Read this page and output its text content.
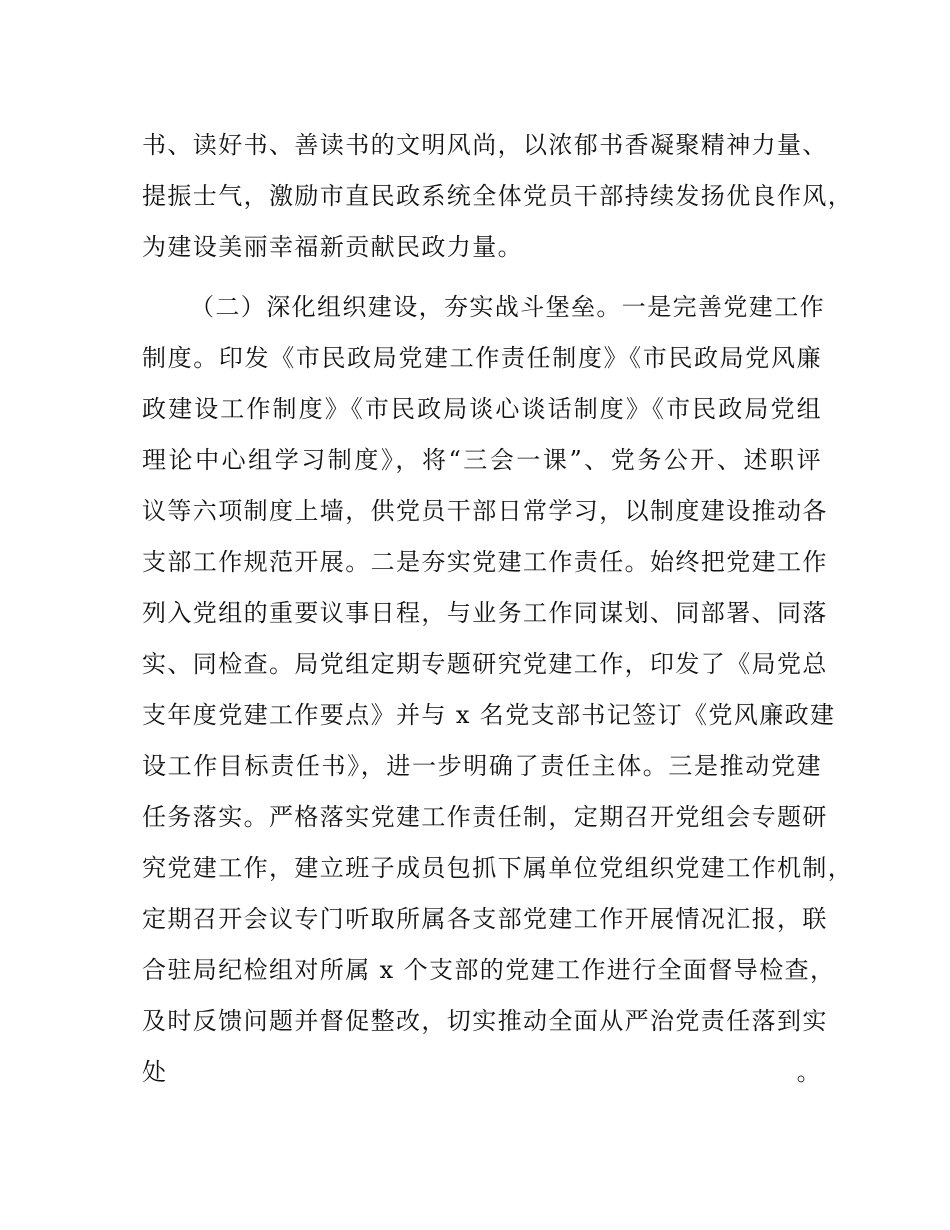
书、读好书、善读书的文明风尚，以浓郁书香凝聚精神力量、
提振士气，激励市直民政系统全体党员干部持续发扬优良作风，
为建设美丽幸福新贡献民政力量。
（二）深化组织建设，夯实战斗堡垒。一是完善党建工作
制度。印发《市民政局党建工作责任制度》《市民政局党风廉
政建设工作制度》《市民政局谈心谈话制度》《市民政局党组
理论中心组学习制度》，将“三会一课”、党务公开、述职评
议等六项制度上墙，供党员干部日常学习，以制度建设推动各
支部工作规范开展。二是夯实党建工作责任。始终把党建工作
列入党组的重要议事日程，与业务工作同谋划、同部署、同落
实、同检查。局党组定期专题研究党建工作，印发了《局党总
支年度党建工作要点》并与 x 名党支部书记签订《党风廉政建
设工作目标责任书》，进一步明确了责任主体。三是推动党建
任务落实。严格落实党建工作责任制，定期召开党组会专题研
究党建工作，建立班子成员包抓下属单位党组织党建工作机制，
定期召开会议专门听取所属各支部党建工作开展情况汇报，联
合驻局纪检组对所属 x 个支部的党建工作进行全面督导检查，
及时反馈问题并督促整改，切实推动全面从严治党责任落到实
处。
